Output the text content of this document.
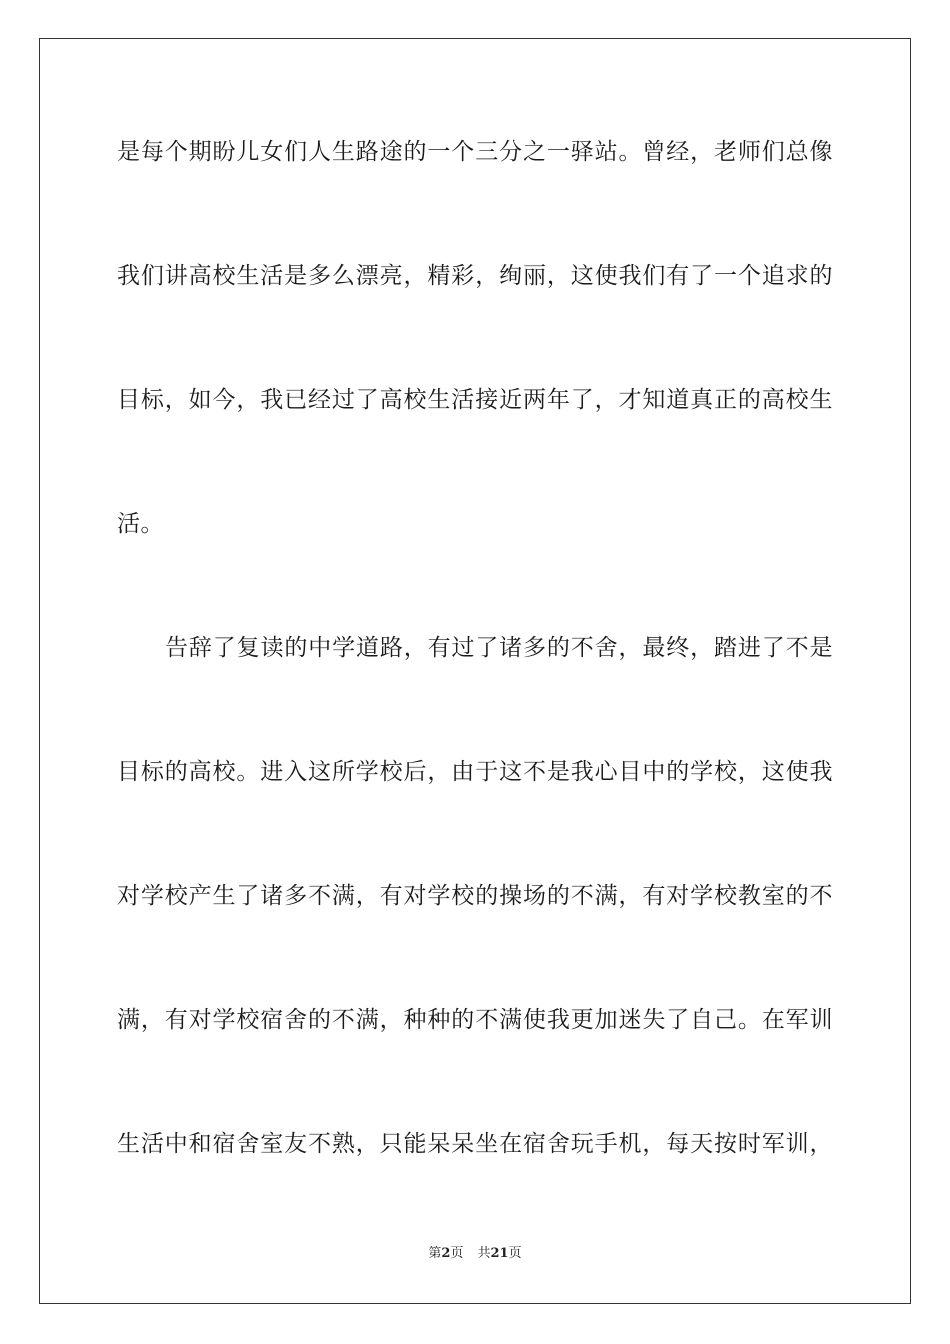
是每个期盼儿女们人生路途的一个三分之一驿站。曾经，老师们总像
我们讲高校生活是多么漂亮，精彩，绚丽，这使我们有了一个追求的
目标，如今，我已经过了高校生活接近两年了，才知道真正的高校生
活。
告辞了复读的中学道路，有过了诸多的不舍，最终，踏进了不是
目标的高校。进入这所学校后，由于这不是我心目中的学校，这使我
对学校产生了诸多不满，有对学校的操场的不满，有对学校教室的不
满，有对学校宿舍的不满，种种的不满使我更加迷失了自己。在军训
生活中和宿舍室友不熟，只能呆呆坐在宿舍玩手机，每天按时军训，
第2页 共21页
